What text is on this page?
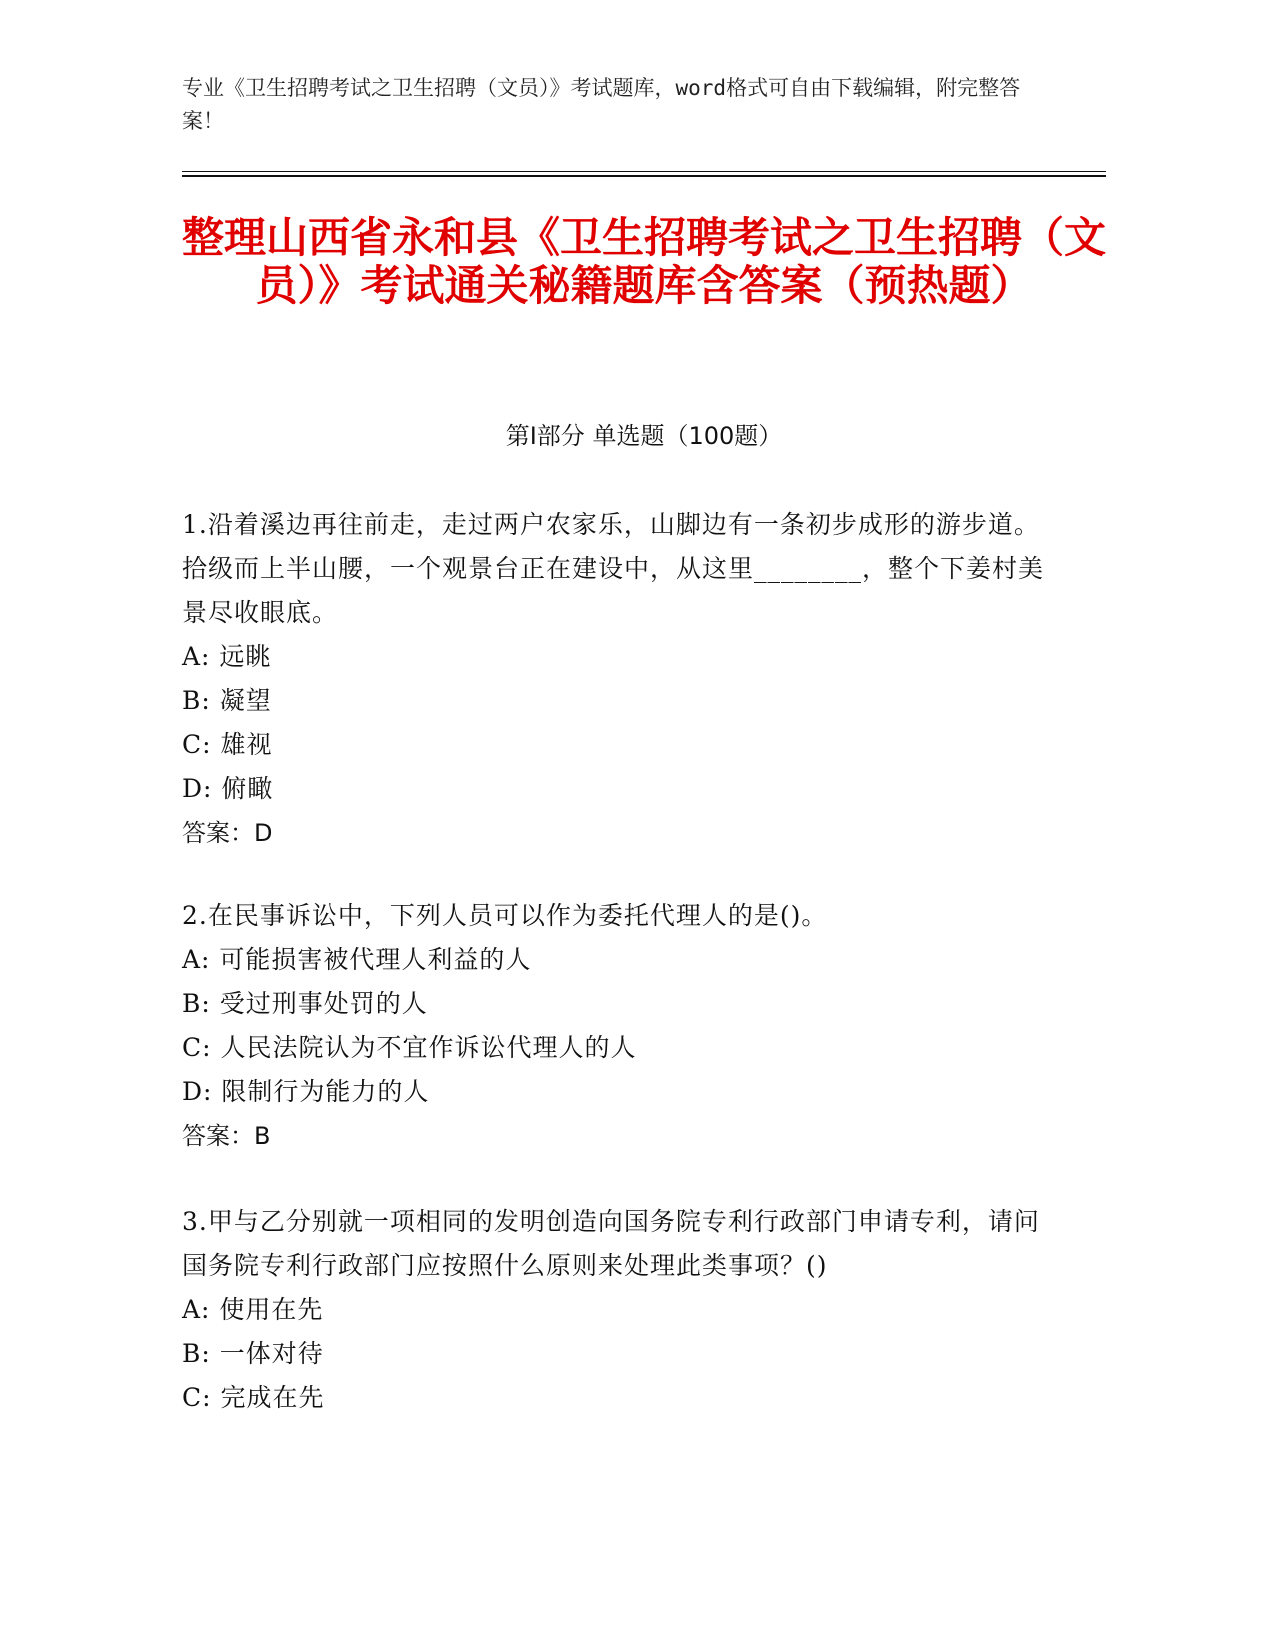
专业《卫生招聘考试之卫生招聘（文员）》考试题库，word格式可自由下载编辑，附完整答案！
整理山西省永和县《卫生招聘考试之卫生招聘（文员）》考试通关秘籍题库含答案（预热题）
第Ⅰ部分 单选题（100题）

1.沿着溪边再往前走，走过两户农家乐，山脚边有一条初步成形的游步道。拾级而上半山腰，一个观景台正在建设中，从这里________，整个下姜村美景尽收眼底。

A: 远眺

B: 凝望

C: 雄视

D: 俯瞰

答案：D

2.在民事诉讼中，下列人员可以作为委托代理人的是()。

A: 可能损害被代理人利益的人

B: 受过刑事处罚的人

C: 人民法院认为不宜作诉讼代理人的人

D: 限制行为能力的人

答案：B

3.甲与乙分别就一项相同的发明创造向国务院专利行政部门申请专利，请问国务院专利行政部门应按照什么原则来处理此类事项？()

A: 使用在先

B: 一体对待

C: 完成在先
